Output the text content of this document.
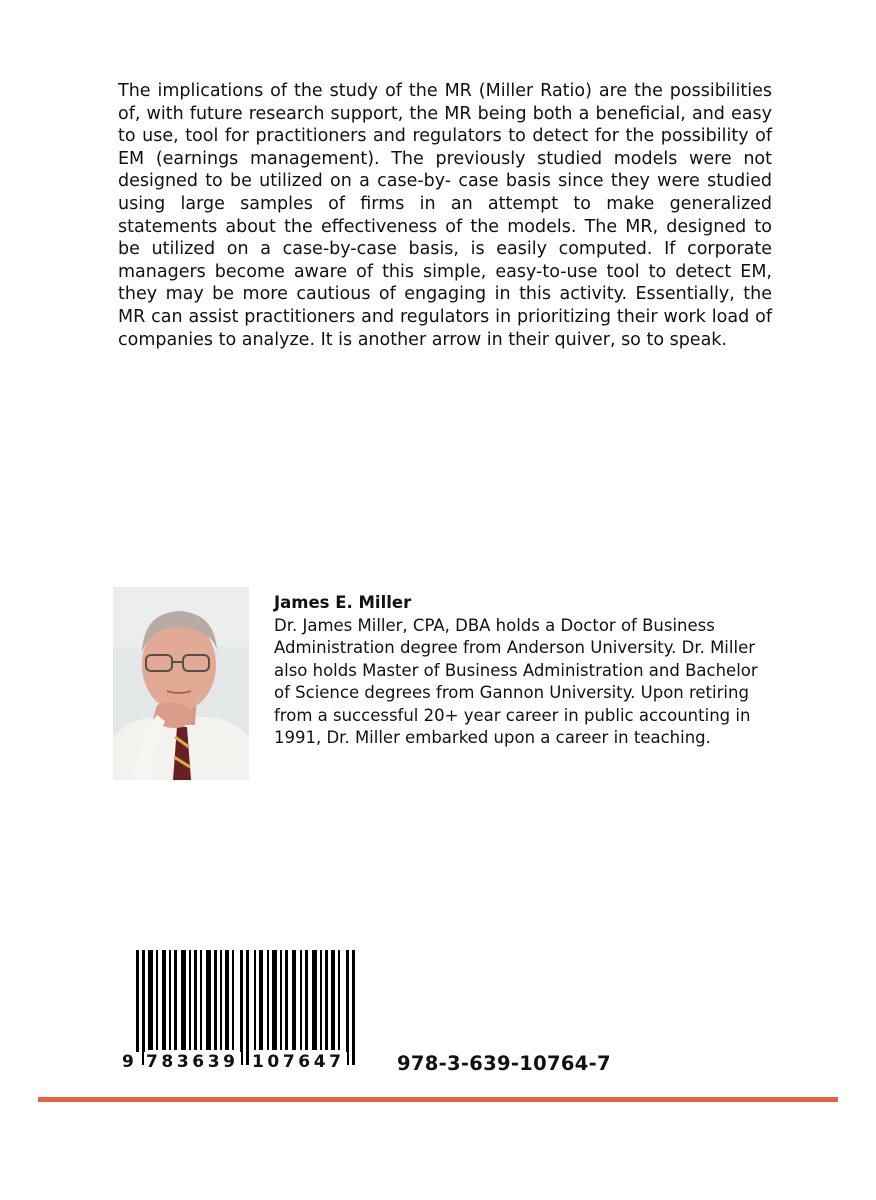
The implications of the study of the MR (Miller Ratio) are the possibilities of, with future research support, the MR being both a beneficial, and easy to use, tool for practitioners and regulators to detect for the possibility of EM (earnings management). The previously studied models were not designed to be utilized on a case-by- case basis since they were studied using large samples of firms in an attempt to make generalized statements about the effectiveness of the models. The MR, designed to be utilized on a case-by-case basis, is easily computed. If corporate managers become aware of this simple, easy-to-use tool to detect EM, they may be more cautious of engaging in this activity. Essentially, the MR can assist practitioners and regulators in prioritizing their work load of companies to analyze. It is another arrow in their quiver, so to speak.

James E. Miller

Dr. James Miller, CPA, DBA holds a Doctor of Business Administration degree from Anderson University. Dr. Miller also holds Master of Business Administration and Bachelor of Science degrees from Gannon University. Upon retiring from a successful 20+ year career in public accounting in 1991, Dr. Miller embarked upon a career in teaching.

9 783639 107647	978-3-639-10764-7
